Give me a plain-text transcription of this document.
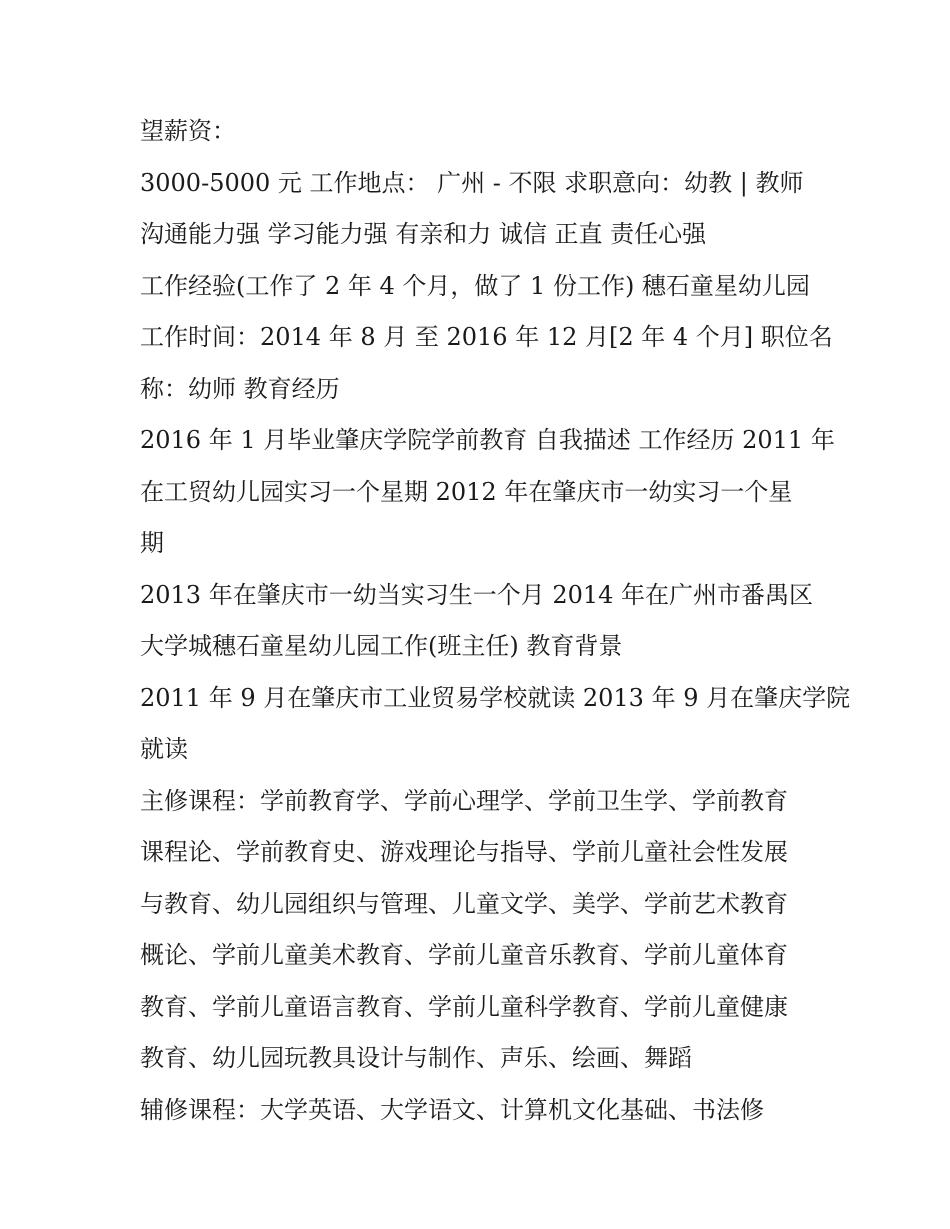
望薪资：
3000-5000 元 工作地点： 广州 - 不限 求职意向：幼教 | 教师
沟通能力强 学习能力强 有亲和力 诚信 正直 责任心强
工作经验(工作了 2 年 4 个月，做了 1 份工作) 穗石童星幼儿园
工作时间：2014 年 8 月 至 2016 年 12 月[2 年 4 个月] 职位名
称：幼师 教育经历
2016 年 1 月毕业肇庆学院学前教育 自我描述 工作经历 2011 年
在工贸幼儿园实习一个星期 2012 年在肇庆市一幼实习一个星
期
2013 年在肇庆市一幼当实习生一个月 2014 年在广州市番禺区
大学城穗石童星幼儿园工作(班主任) 教育背景
2011 年 9 月在肇庆市工业贸易学校就读 2013 年 9 月在肇庆学院
就读
主修课程：学前教育学、学前心理学、学前卫生学、学前教育
课程论、学前教育史、游戏理论与指导、学前儿童社会性发展
与教育、幼儿园组织与管理、儿童文学、美学、学前艺术教育
概论、学前儿童美术教育、学前儿童音乐教育、学前儿童体育
教育、学前儿童语言教育、学前儿童科学教育、学前儿童健康
教育、幼儿园玩教具设计与制作、声乐、绘画、舞蹈
辅修课程：大学英语、大学语文、计算机文化基础、书法修
